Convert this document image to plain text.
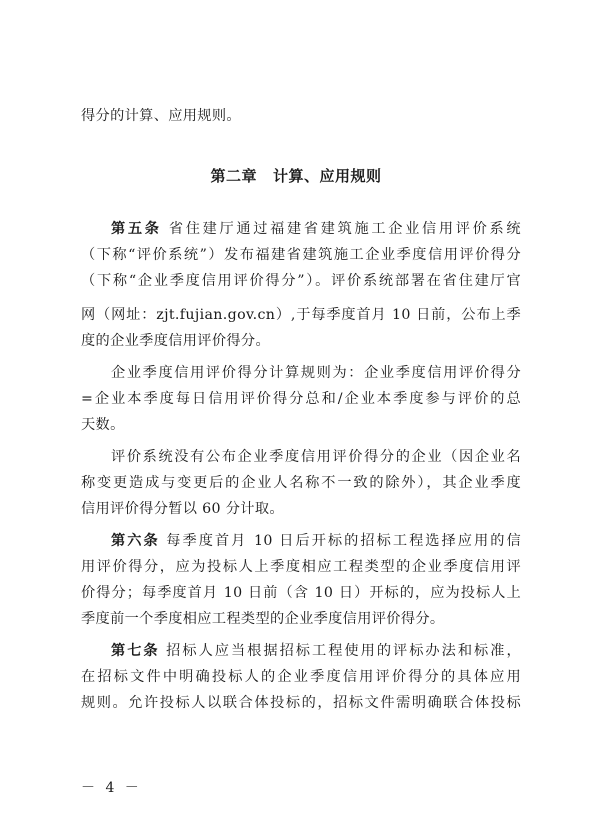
得分的计算、应用规则。
第二章 计算、应用规则
第五条 省住建厅通过福建省建筑施工企业信用评价系统
（下称“评价系统”）发布福建省建筑施工企业季度信用评价得分
（下称“企业季度信用评价得分”）。评价系统部署在省住建厅官
网（网址：zjt.fujian.gov.cn）,于每季度首月 10 日前，公布上季
度的企业季度信用评价得分。
企业季度信用评价得分计算规则为：企业季度信用评价得分
=企业本季度每日信用评价得分总和/企业本季度参与评价的总
天数。
评价系统没有公布企业季度信用评价得分的企业（因企业名
称变更造成与变更后的企业人名称不一致的除外），其企业季度
信用评价得分暂以 60 分计取。
第六条 每季度首月 10 日后开标的招标工程选择应用的信
用评价得分，应为投标人上季度相应工程类型的企业季度信用评
价得分；每季度首月 10 日前（含 10 日）开标的，应为投标人上
季度前一个季度相应工程类型的企业季度信用评价得分。
第七条 招标人应当根据招标工程使用的评标办法和标准，
在招标文件中明确投标人的企业季度信用评价得分的具体应用
规则。允许投标人以联合体投标的，招标文件需明确联合体投标
－ 4 －
